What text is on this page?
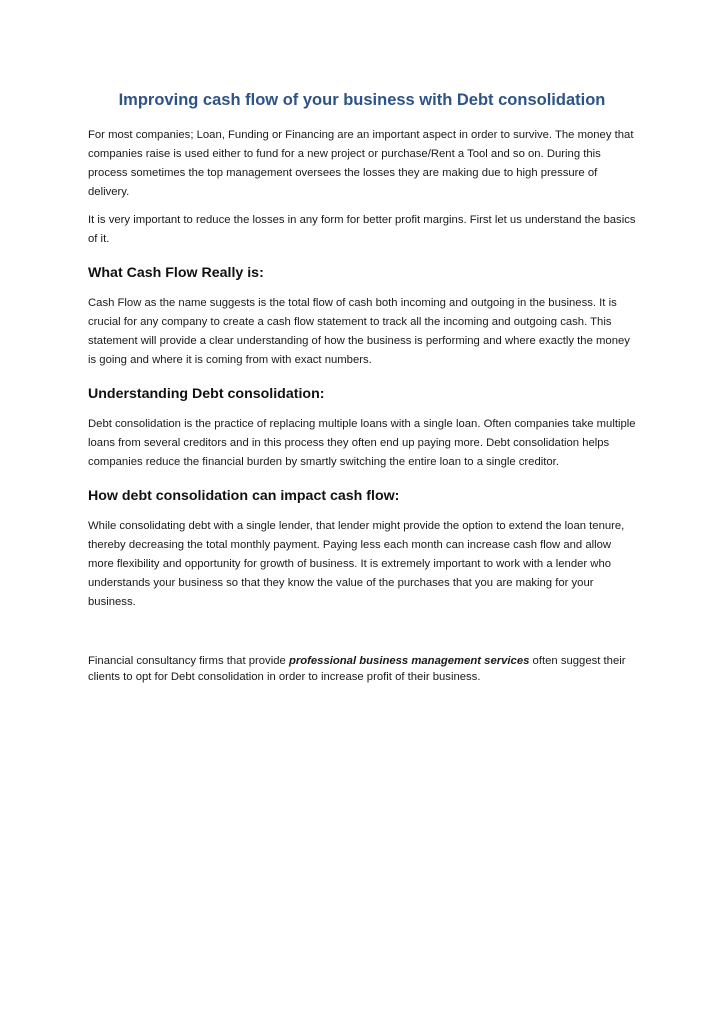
Improving cash flow of your business with Debt consolidation

For most companies; Loan, Funding or Financing are an important aspect in order to survive. The money that companies raise is used either to fund for a new project or purchase/Rent a Tool and so on. During this process sometimes the top management oversees the losses they are making due to high pressure of delivery.

It is very important to reduce the losses in any form for better profit margins. First let us understand the basics of it.

What Cash Flow Really is:

Cash Flow as the name suggests is the total flow of cash both incoming and outgoing in the business. It is crucial for any company to create a cash flow statement to track all the incoming and outgoing cash. This statement will provide a clear understanding of how the business is performing and where exactly the money is going and where it is coming from with exact numbers.

Understanding Debt consolidation:

Debt consolidation is the practice of replacing multiple loans with a single loan. Often companies take multiple loans from several creditors and in this process they often end up paying more. Debt consolidation helps companies reduce the financial burden by smartly switching the entire loan to a single creditor.

How debt consolidation can impact cash flow:

While consolidating debt with a single lender, that lender might provide the option to extend the loan tenure, thereby decreasing the total monthly payment. Paying less each month can increase cash flow and allow more flexibility and opportunity for growth of business. It is extremely important to work with a lender who understands your business so that they know the value of the purchases that you are making for your business.

Financial consultancy firms that provide professional business management services often suggest their clients to opt for Debt consolidation in order to increase profit of their business.
